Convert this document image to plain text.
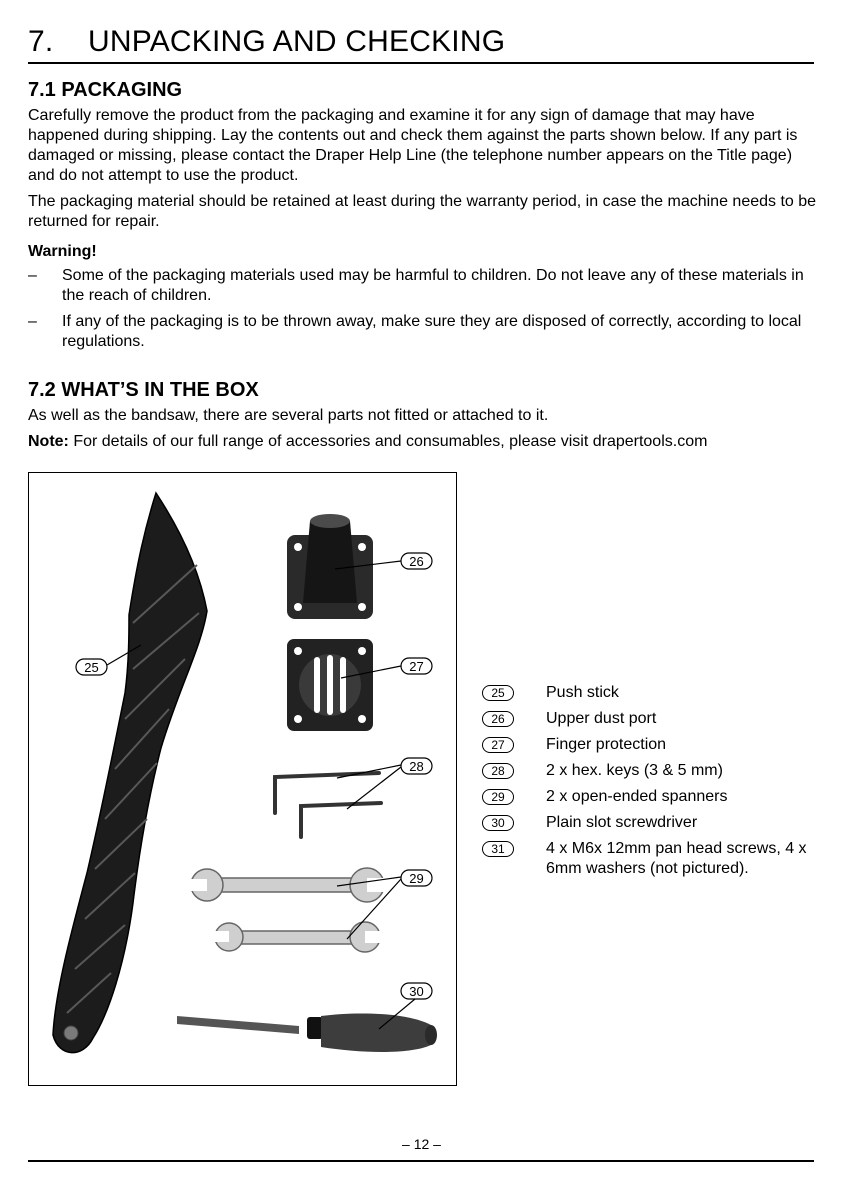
7. UNPACKING AND CHECKING
7.1 PACKAGING

Carefully remove the product from the packaging and examine it for any sign of damage that may have happened during shipping. Lay the contents out and check them against the parts shown below. If any part is damaged or missing, please contact the Draper Help Line (the telephone number appears on the Title page) and do not attempt to use the product.

The packaging material should be retained at least during the warranty period, in case the machine needs to be returned for repair.

Warning!
– Some of the packaging materials used may be harmful to children. Do not leave any of these materials in the reach of children.
– If any of the packaging is to be thrown away, make sure they are disposed of correctly, according to local regulations.
7.2 WHAT’S IN THE BOX

As well as the bandsaw, there are several parts not fitted or attached to it.

Note: For details of our full range of accessories and consumables, please visit drapertools.com

25
26
27
28
29
30
25	Push stick
26	Upper dust port
27	Finger protection
28	2 x hex. keys (3 & 5 mm)
29	2 x open-ended spanners
30	Plain slot screwdriver
31	4 x M6x 12mm pan head screws, 4 x 6mm washers (not pictured).
– 12 –
